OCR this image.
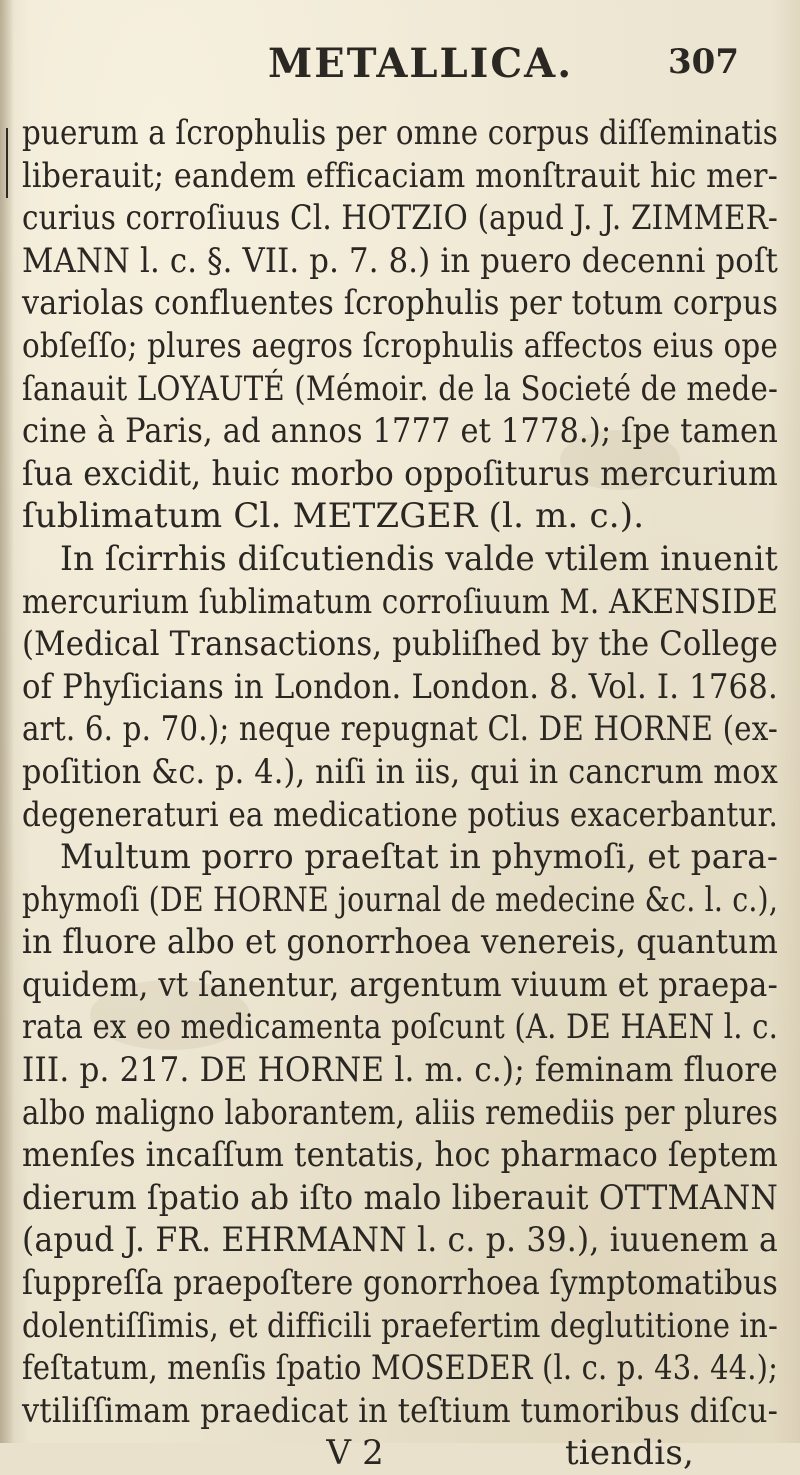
METALLICA.	307
puerum a ſcrophulis per omne corpus diſſeminatis
liberauit; eandem efficaciam monſtrauit hic mer-
curius corroſiuus Cl. HOTZIO (apud J. J. ZIMMER-
MANN l. c. §. VII. p. 7. 8.) in puero decenni poſt
variolas confluentes ſcrophulis per totum corpus
obſeſſo; plures aegros ſcrophulis affectos eius ope
ſanauit LOYAUTÉ (Mémoir. de la Societé de mede-
cine à Paris, ad annos 1777 et 1778.); ſpe tamen
ſua excidit, huic morbo oppoſiturus mercurium
ſublimatum Cl. METZGER (l. m. c.).
In ſcirrhis diſcutiendis valde vtilem inuenit
mercurium ſublimatum corroſiuum M. AKENSIDE
(Medical Transactions, publiſhed by the College
of Phyſicians in London. London. 8. Vol. I. 1768.
art. 6. p. 70.); neque repugnat Cl. DE HORNE (ex-
poſition &c. p. 4.), niſi in iis, qui in cancrum mox
degeneraturi ea medicatione potius exacerbantur.
Multum porro praeſtat in phymoſi, et para-
phymoſi (DE HORNE journal de medecine &c. l. c.),
in fluore albo et gonorrhoea venereis, quantum
quidem, vt ſanentur, argentum viuum et praepa-
rata ex eo medicamenta poſcunt (A. DE HAEN l. c.
III. p. 217. DE HORNE l. m. c.); feminam fluore
albo maligno laborantem, aliis remediis per plures
menſes incaſſum tentatis, hoc pharmaco ſeptem
dierum ſpatio ab iſto malo liberauit OTTMANN
(apud J. FR. EHRMANN l. c. p. 39.), iuuenem a
ſuppreſſa praepoſtere gonorrhoea ſymptomatibus
dolentiſſimis, et difficili praefertim deglutitione in-
feſtatum, menſis ſpatio MOSEDER (l. c. p. 43. 44.);
vtiliſſimam praedicat in teſtium tumoribus diſcu-
V 2	tiendis,
